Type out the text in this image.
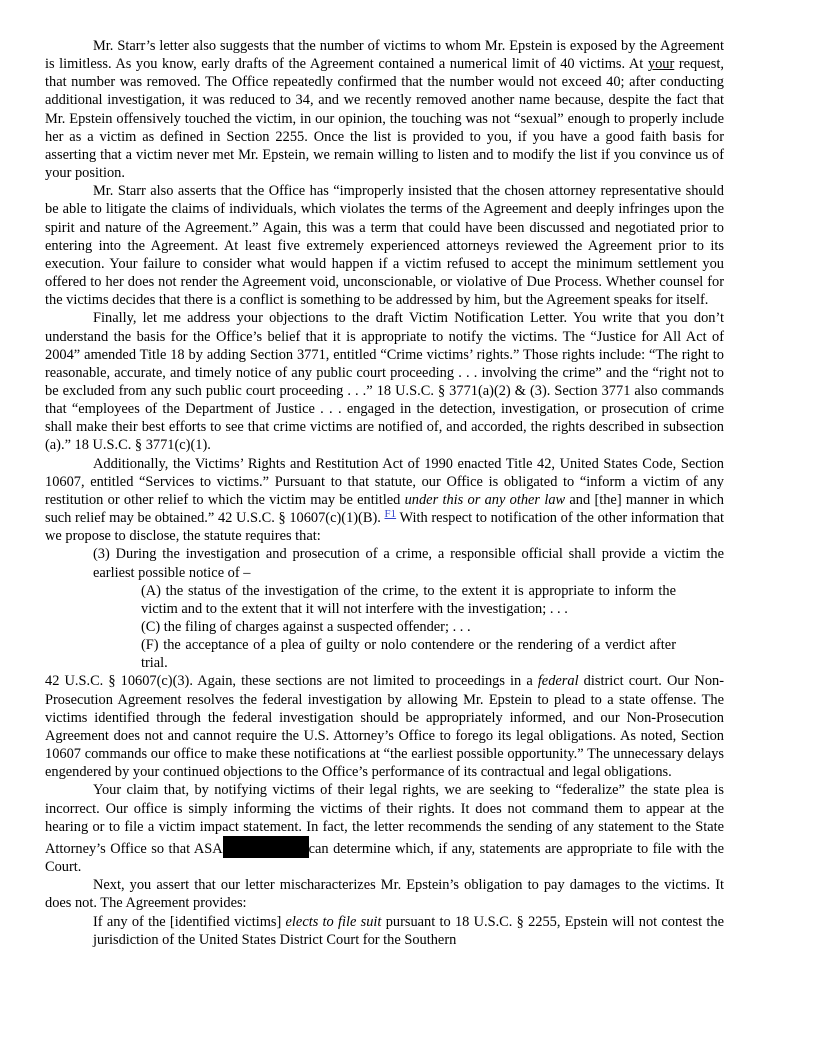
Mr. Starr’s letter also suggests that the number of victims to whom Mr. Epstein is exposed by the Agreement is limitless. As you know, early drafts of the Agreement contained a numerical limit of 40 victims. At your request, that number was removed. The Office repeatedly confirmed that the number would not exceed 40; after conducting additional investigation, it was reduced to 34, and we recently removed another name because, despite the fact that Mr. Epstein offensively touched the victim, in our opinion, the touching was not “sexual” enough to properly include her as a victim as defined in Section 2255. Once the list is provided to you, if you have a good faith basis for asserting that a victim never met Mr. Epstein, we remain willing to listen and to modify the list if you convince us of your position.

Mr. Starr also asserts that the Office has “improperly insisted that the chosen attorney representative should be able to litigate the claims of individuals, which violates the terms of the Agreement and deeply infringes upon the spirit and nature of the Agreement.” Again, this was a term that could have been discussed and negotiated prior to entering into the Agreement. At least five extremely experienced attorneys reviewed the Agreement prior to its execution. Your failure to consider what would happen if a victim refused to accept the minimum settlement you offered to her does not render the Agreement void, unconscionable, or violative of Due Process. Whether counsel for the victims decides that there is a conflict is something to be addressed by him, but the Agreement speaks for itself.

Finally, let me address your objections to the draft Victim Notification Letter. You write that you don’t understand the basis for the Office’s belief that it is appropriate to notify the victims. The “Justice for All Act of 2004” amended Title 18 by adding Section 3771, entitled “Crime victims’ rights.” Those rights include: “The right to reasonable, accurate, and timely notice of any public court proceeding . . . involving the crime” and the “right not to be excluded from any such public court proceeding . . .” 18 U.S.C. § 3771(a)(2) & (3). Section 3771 also commands that “employees of the Department of Justice . . . engaged in the detection, investigation, or prosecution of crime shall make their best efforts to see that crime victims are notified of, and accorded, the rights described in subsection (a).” 18 U.S.C. § 3771(c)(1).

Additionally, the Victims’ Rights and Restitution Act of 1990 enacted Title 42, United States Code, Section 10607, entitled “Services to victims.” Pursuant to that statute, our Office is obligated to “inform a victim of any restitution or other relief to which the victim may be entitled under this or any other law and [the] manner in which such relief may be obtained.” 42 U.S.C. § 10607(c)(1)(B). $^{F1}$ With respect to notification of the other information that we propose to disclose, the statute requires that:

(3) During the investigation and prosecution of a crime, a responsible official shall provide a victim the earliest possible notice of –

(A) the status of the investigation of the crime, to the extent it is appropriate to inform the victim and to the extent that it will not interfere with the investigation; . . .

(C) the filing of charges against a suspected offender; . . .

(F) the acceptance of a plea of guilty or nolo contendere or the rendering of a verdict after trial.

42 U.S.C. § 10607(c)(3). Again, these sections are not limited to proceedings in a federal district court. Our Non-Prosecution Agreement resolves the federal investigation by allowing Mr. Epstein to plead to a state offense. The victims identified through the federal investigation should be appropriately informed, and our Non-Prosecution Agreement does not and cannot require the U.S. Attorney’s Office to forego its legal obligations. As noted, Section 10607 commands our office to make these notifications at “the earliest possible opportunity.” The unnecessary delays engendered by your continued objections to the Office’s performance of its contractual and legal obligations.

Your claim that, by notifying victims of their legal rights, we are seeking to “federalize” the state plea is incorrect. Our office is simply informing the victims of their rights. It does not command them to appear at the hearing or to file a victim impact statement. In fact, the letter recommends the sending of any statement to the State Attorney’s Office so that ASA	can determine which, if any, statements are appropriate to file with the Court.

Next, you assert that our letter mischaracterizes Mr. Epstein’s obligation to pay damages to the victims. It does not. The Agreement provides:

If any of the [identified victims] elects to file suit pursuant to 18 U.S.C. § 2255, Epstein will not contest the jurisdiction of the United States District Court for the Southern
